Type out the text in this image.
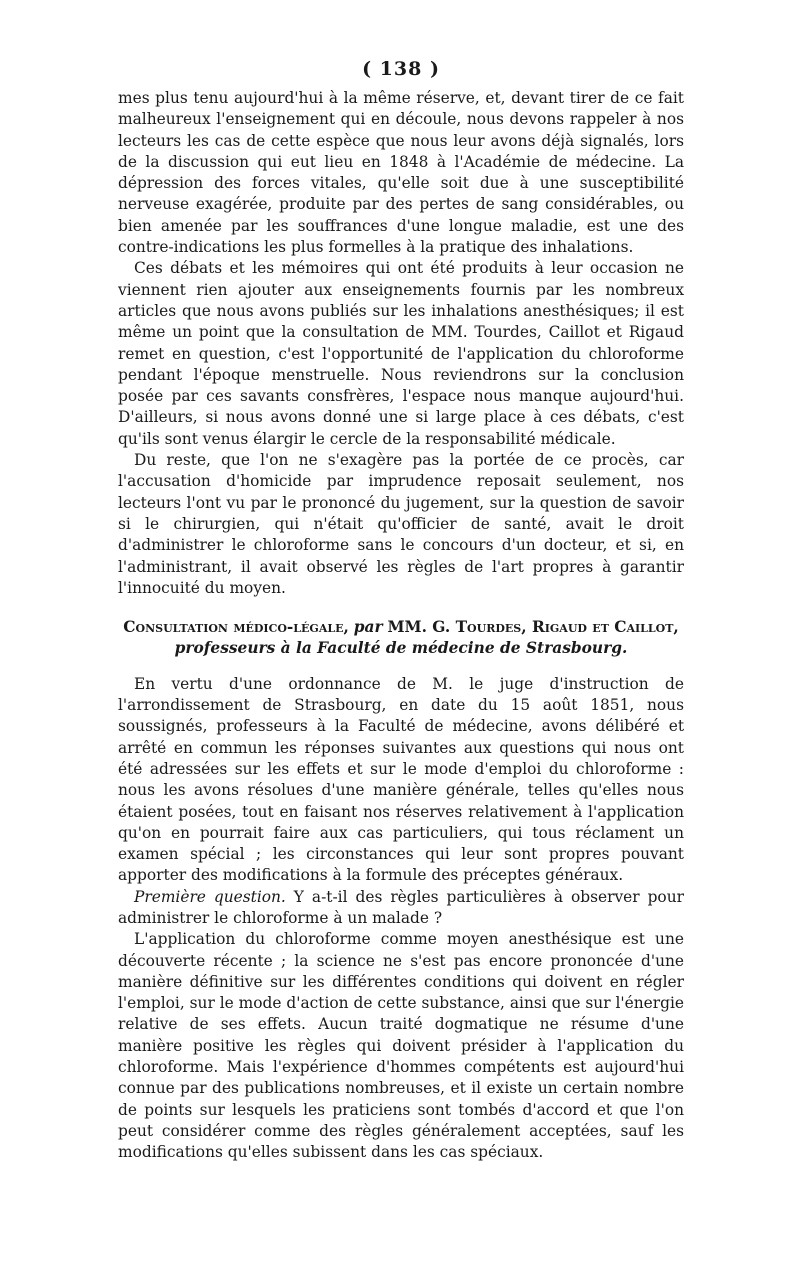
( 138 )

mes plus tenu aujourd'hui à la même réserve, et, devant tirer de ce fait malheureux l'enseignement qui en découle, nous devons rappeler à nos lecteurs les cas de cette espèce que nous leur avons déjà signalés, lors de la discussion qui eut lieu en 1848 à l'Académie de médecine. La dépression des forces vitales, qu'elle soit due à une susceptibilité nerveuse exagérée, produite par des pertes de sang considérables, ou bien amenée par les souffrances d'une longue maladie, est une des contre-indications les plus formelles à la pratique des inhalations.

Ces débats et les mémoires qui ont été produits à leur occasion ne viennent rien ajouter aux enseignements fournis par les nombreux articles que nous avons publiés sur les inhalations anesthésiques; il est même un point que la consultation de MM. Tourdes, Caillot et Rigaud remet en question, c'est l'opportunité de l'application du chloroforme pendant l'époque menstruelle. Nous reviendrons sur la conclusion posée par ces savants consfrères, l'espace nous manque aujourd'hui. D'ailleurs, si nous avons donné une si large place à ces débats, c'est qu'ils sont venus élargir le cercle de la responsabilité médicale.

Du reste, que l'on ne s'exagère pas la portée de ce procès, car l'accusation d'homicide par imprudence reposait seulement, nos lecteurs l'ont vu par le prononcé du jugement, sur la question de savoir si le chirurgien, qui n'était qu'officier de santé, avait le droit d'administrer le chloroforme sans le concours d'un docteur, et si, en l'administrant, il avait observé les règles de l'art propres à garantir l'innocuité du moyen.

Consultation médico-légale, par MM. G. Tourdes, Rigaud et Caillot, professeurs à la Faculté de médecine de Strasbourg.

En vertu d'une ordonnance de M. le juge d'instruction de l'arrondissement de Strasbourg, en date du 15 août 1851, nous soussignés, professeurs à la Faculté de médecine, avons délibéré et arrêté en commun les réponses suivantes aux questions qui nous ont été adressées sur les effets et sur le mode d'emploi du chloroforme : nous les avons résolues d'une manière générale, telles qu'elles nous étaient posées, tout en faisant nos réserves relativement à l'application qu'on en pourrait faire aux cas particuliers, qui tous réclament un examen spécial ; les circonstances qui leur sont propres pouvant apporter des modifications à la formule des préceptes généraux.

Première question. Y a-t-il des règles particulières à observer pour administrer le chloroforme à un malade ?

L'application du chloroforme comme moyen anesthésique est une découverte récente ; la science ne s'est pas encore prononcée d'une manière définitive sur les différentes conditions qui doivent en régler l'emploi, sur le mode d'action de cette substance, ainsi que sur l'énergie relative de ses effets. Aucun traité dogmatique ne résume d'une manière positive les règles qui doivent présider à l'application du chloroforme. Mais l'expérience d'hommes compétents est aujourd'hui connue par des publications nombreuses, et il existe un certain nombre de points sur lesquels les praticiens sont tombés d'accord et que l'on peut considérer comme des règles généralement acceptées, sauf les modifications qu'elles subissent dans les cas spéciaux.
